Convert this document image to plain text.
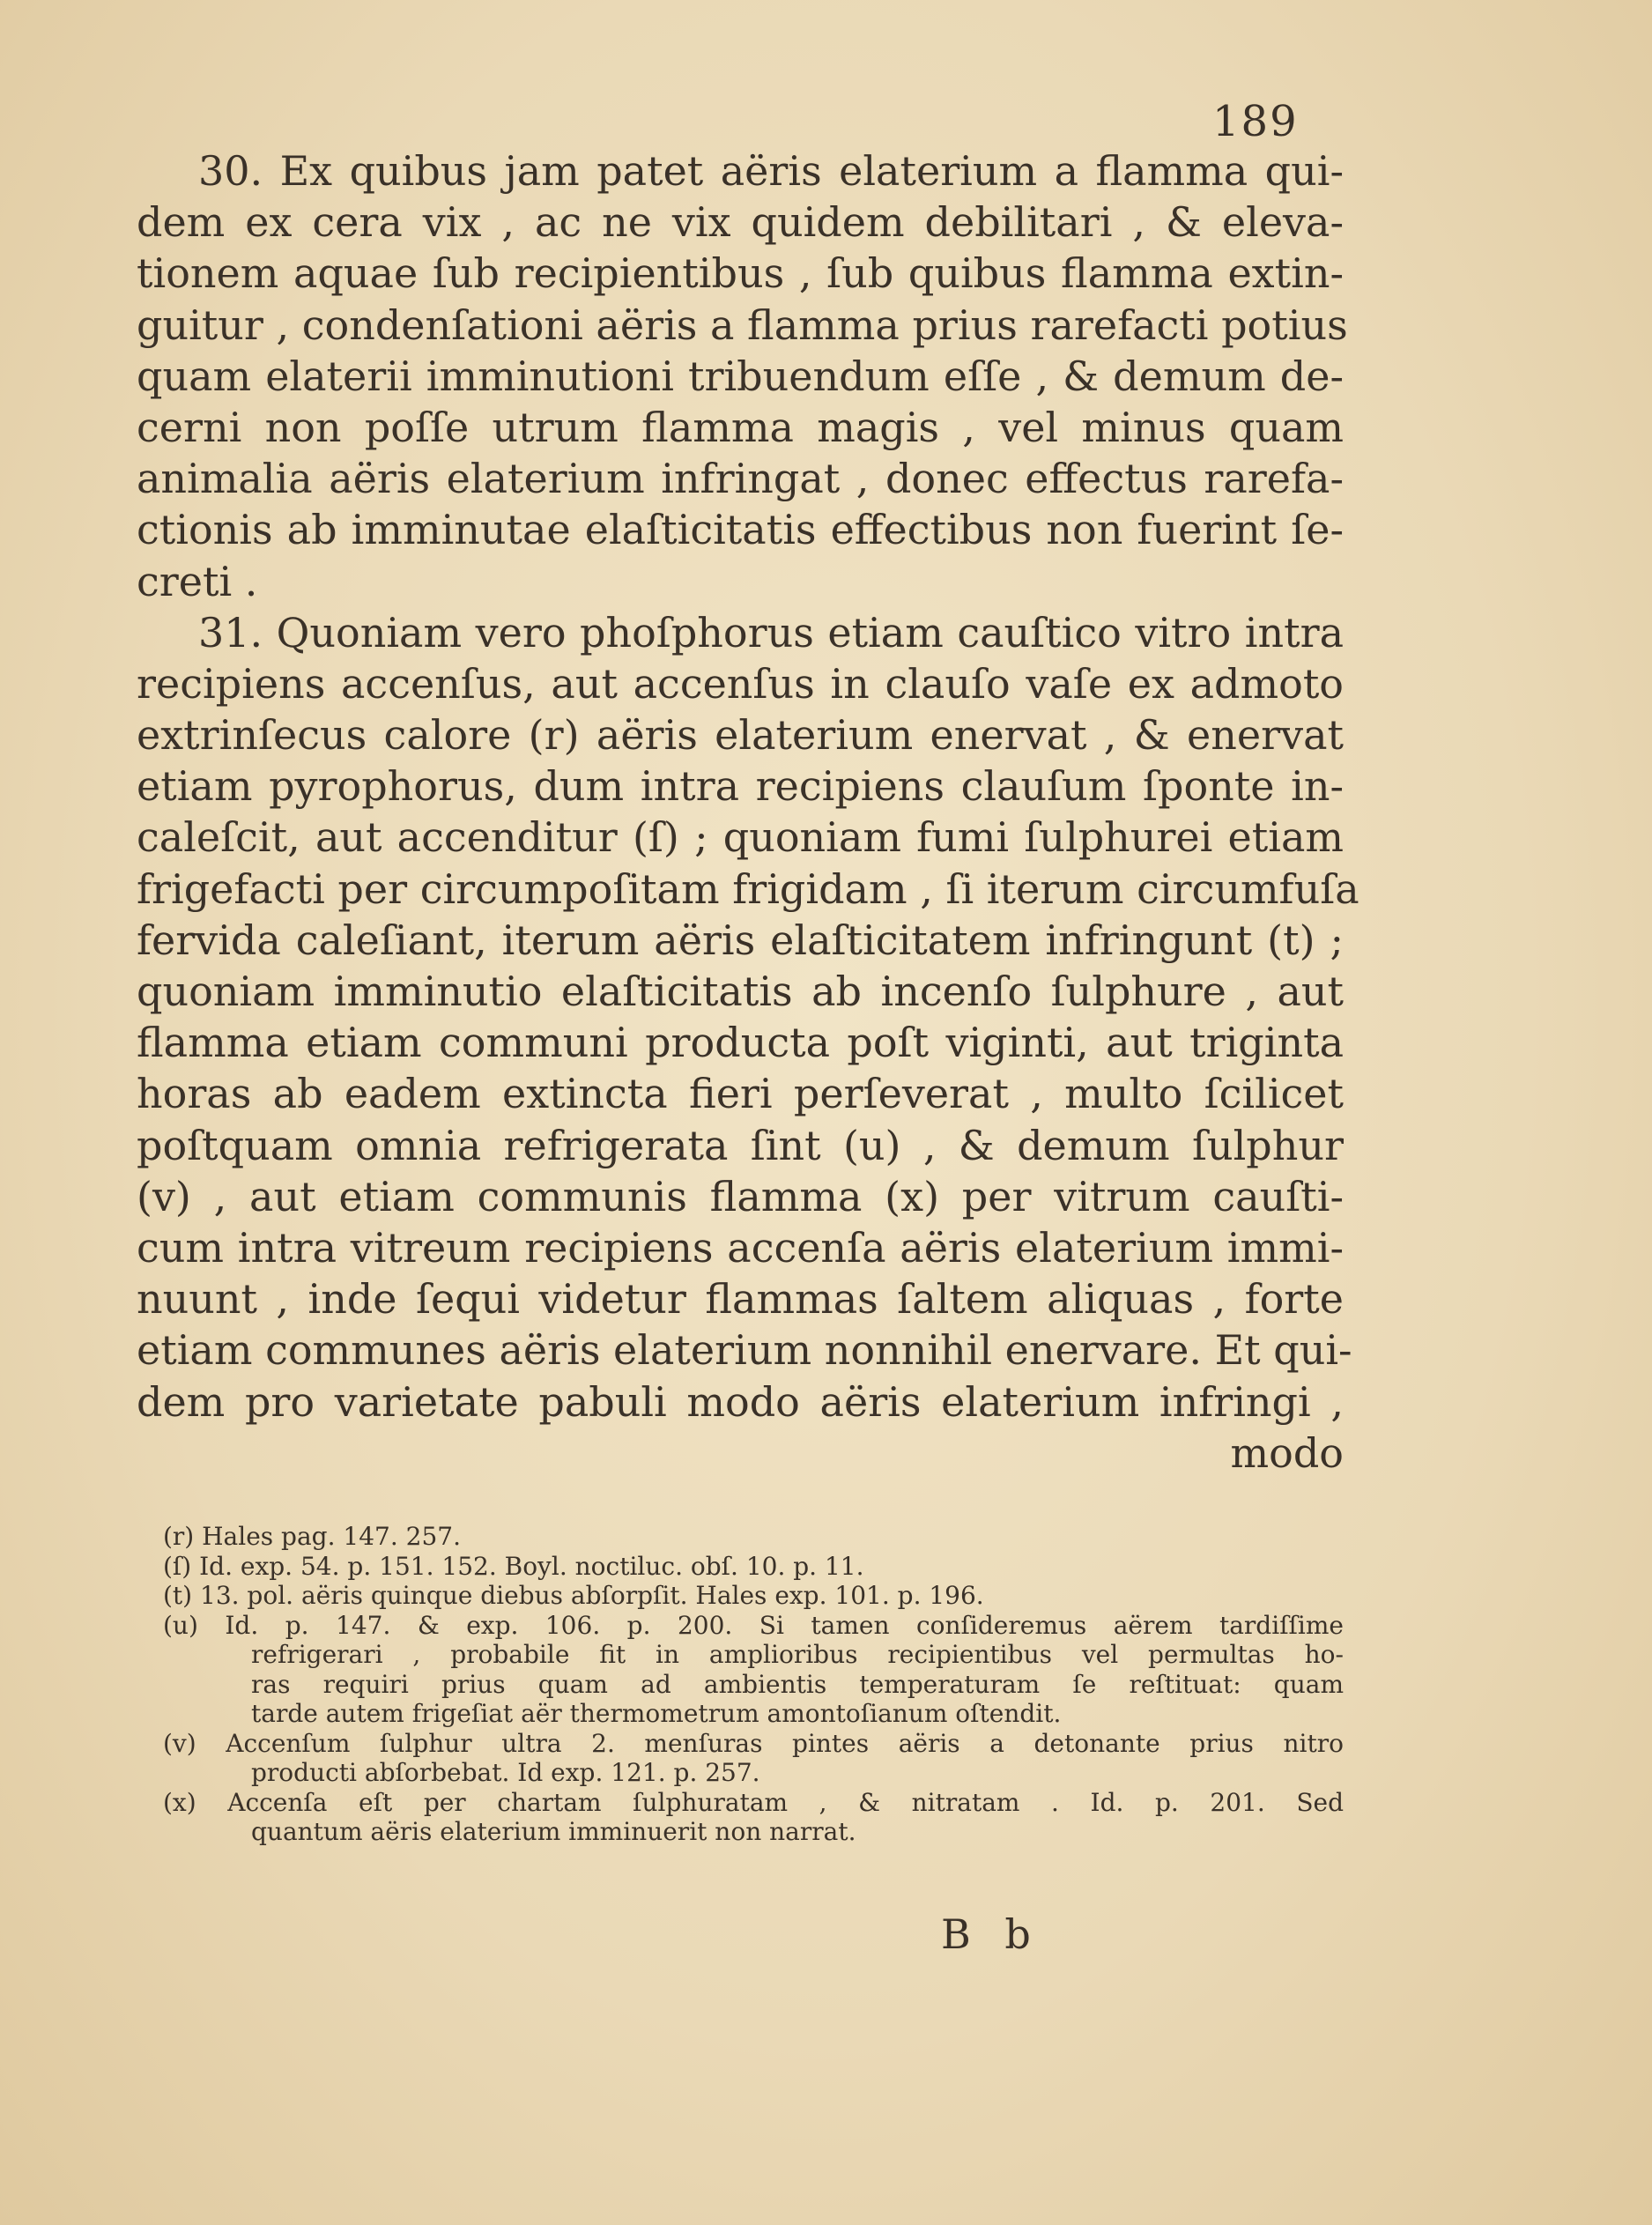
189
30. Ex quibus jam patet aëris elaterium a flamma qui-
dem ex cera vix , ac ne vix quidem debilitari , & eleva-
tionem aquae ſub recipientibus , ſub quibus flamma extin-
guitur , condenſationi aëris a flamma prius rarefacti potius
quam elaterii imminutioni tribuendum eſſe , & demum de-
cerni non poſſe utrum flamma magis , vel minus quam
animalia aëris elaterium infringat , donec effectus rarefa-
ctionis ab imminutae elaſticitatis effectibus non fuerint ſe-
creti .
31. Quoniam vero phoſphorus etiam cauſtico vitro intra
recipiens accenſus, aut accenſus in clauſo vaſe ex admoto
extrinſecus calore (r) aëris elaterium enervat , & enervat
etiam pyrophorus, dum intra recipiens clauſum ſponte in-
caleſcit, aut accenditur (ſ) ; quoniam fumi ſulphurei etiam
frigefacti per circumpoſitam frigidam , ſi iterum circumfuſa
fervida caleſiant, iterum aëris elaſticitatem infringunt (t) ;
quoniam imminutio elaſticitatis ab incenſo ſulphure , aut
flamma etiam communi producta poſt viginti, aut triginta
horas ab eadem extincta fieri perſeverat , multo ſcilicet
poſtquam omnia refrigerata ſint (u) , & demum ſulphur
(v) , aut etiam communis flamma (x) per vitrum cauſti-
cum intra vitreum recipiens accenſa aëris elaterium immi-
nuunt , inde ſequi videtur flammas ſaltem aliquas , forte
etiam communes aëris elaterium nonnihil enervare. Et qui-
dem pro varietate pabuli modo aëris elaterium infringi ,
modo
(r) Hales pag. 147. 257.
(ſ) Id. exp. 54. p. 151. 152. Boyl. noctiluc. obſ. 10. p. 11.
(t) 13. pol. aëris quinque diebus abſorpſit. Hales exp. 101. p. 196.
(u) Id. p. 147. & exp. 106. p. 200. Si tamen conſideremus aërem tardiſſime
refrigerari , probabile fit in amplioribus recipientibus vel permultas ho-
ras requiri prius quam ad ambientis temperaturam ſe reſtituat: quam
tarde autem frigeſiat aër thermometrum amontoſianum oſtendit.
(v) Accenſum ſulphur ultra 2. menſuras pintes aëris a detonante prius nitro
producti abſorbebat. Id exp. 121. p. 257.
(x) Accenſa eſt per chartam ſulphuratam , & nitratam . Id. p. 201. Sed
quantum aëris elaterium imminuerit non narrat.
B b
